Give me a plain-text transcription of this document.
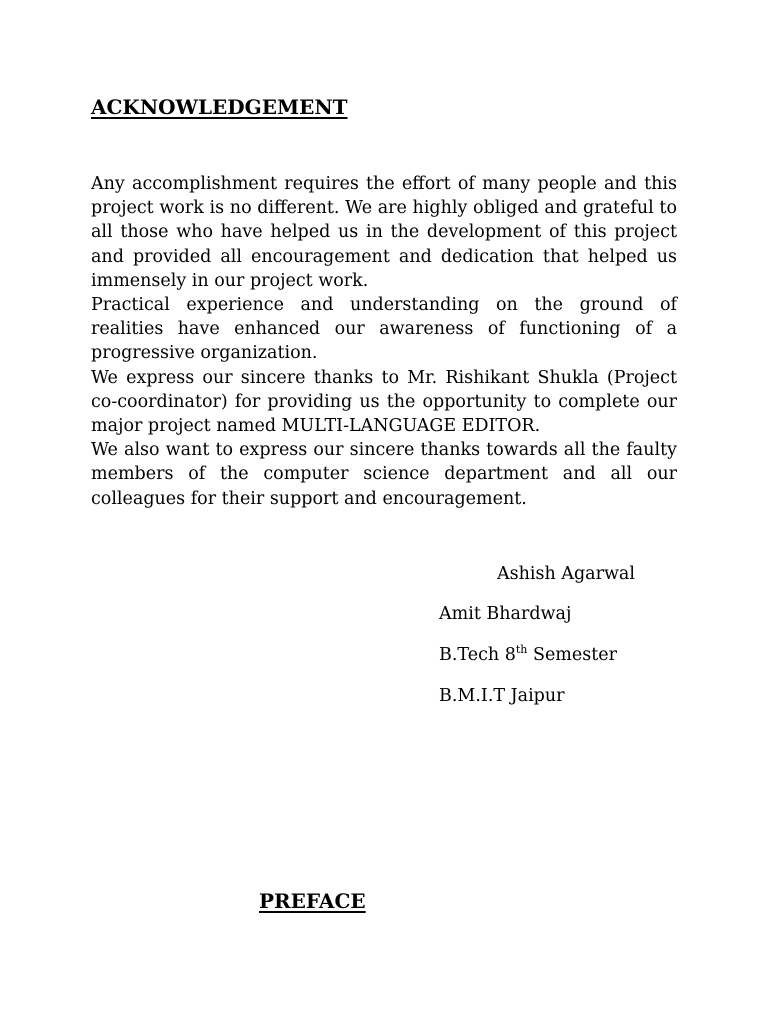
ACKNOWLEDGEMENT

Any accomplishment requires the effort of many people and this project work is no different. We are highly obliged and grateful to all those who have helped us in the development of this project and provided all encouragement and dedication that helped us immensely in our project work.

Practical experience and understanding on the ground of realities have enhanced our awareness of functioning of a progressive organization.

We express our sincere thanks to Mr. Rishikant Shukla (Project co-coordinator) for providing us the opportunity to complete our major project named MULTI-LANGUAGE EDITOR.

We also want to express our sincere thanks towards all the faulty members of the computer science department and all our colleagues for their support and encouragement.

Ashish Agarwal

Amit Bhardwaj

B.Tech 8th Semester

B.M.I.T Jaipur

PREFACE
